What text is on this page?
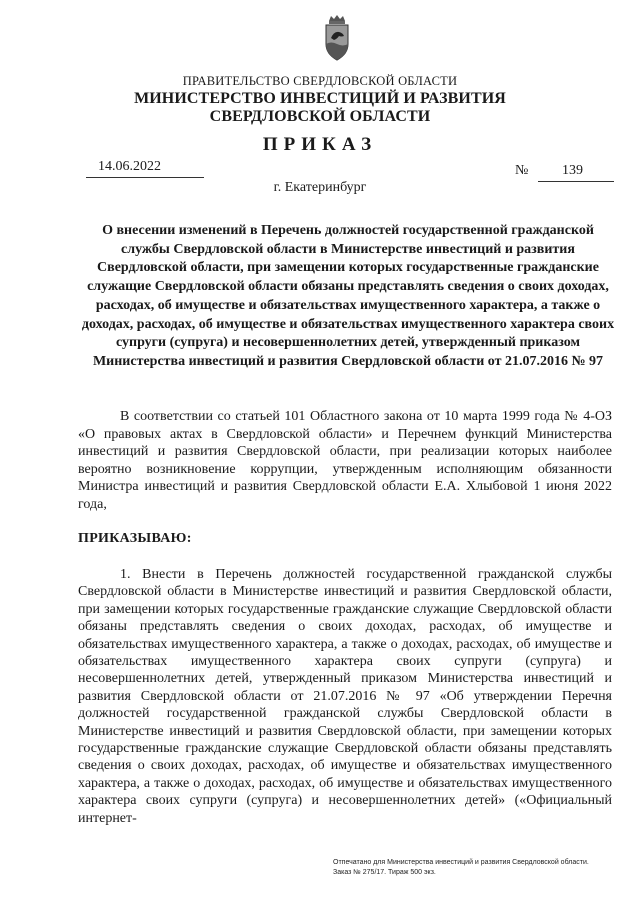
ПРАВИТЕЛЬСТВО СВЕРДЛОВСКОЙ ОБЛАСТИ
МИНИСТЕРСТВО ИНВЕСТИЦИЙ И РАЗВИТИЯ
СВЕРДЛОВСКОЙ ОБЛАСТИ
ПРИКАЗ
14.06.2022	№ 139
г. Екатеринбург
О внесении изменений в Перечень должностей государственной гражданской службы Свердловской области в Министерстве инвестиций и развития Свердловской области, при замещении которых государственные гражданские служащие Свердловской области обязаны представлять сведения о своих доходах, расходах, об имуществе и обязательствах имущественного характера, а также о доходах, расходах, об имуществе и обязательствах имущественного характера своих супруги (супруга) и несовершеннолетних детей, утвержденный приказом Министерства инвестиций и развития Свердловской области от 21.07.2016 № 97
В соответствии со статьей 101 Областного закона от 10 марта 1999 года № 4-ОЗ «О правовых актах в Свердловской области» и Перечнем функций Министерства инвестиций и развития Свердловской области, при реализации которых наиболее вероятно возникновение коррупции, утвержденным исполняющим обязанности Министра инвестиций и развития Свердловской области Е.А. Хлыбовой 1 июня 2022 года,
ПРИКАЗЫВАЮ:
1. Внести в Перечень должностей государственной гражданской службы Свердловской области в Министерстве инвестиций и развития Свердловской области, при замещении которых государственные гражданские служащие Свердловской области обязаны представлять сведения о своих доходах, расходах, об имуществе и обязательствах имущественного характера, а также о доходах, расходах, об имуществе и обязательствах имущественного характера своих супруги (супруга) и несовершеннолетних детей, утвержденный приказом Министерства инвестиций и развития Свердловской области от 21.07.2016 № 97 «Об утверждении Перечня должностей государственной гражданской службы Свердловской области в Министерстве инвестиций и развития Свердловской области, при замещении которых государственные гражданские служащие Свердловской области обязаны представлять сведения о своих доходах, расходах, об имуществе и обязательствах имущественного характера, а также о доходах, расходах, об имуществе и обязательствах имущественного характера своих супруги (супруга) и несовершеннолетних детей» («Официальный интернет-
Отпечатано для Министерства инвестиций и развития Свердловской области.
Заказ № 275/17. Тираж 500 экз.
